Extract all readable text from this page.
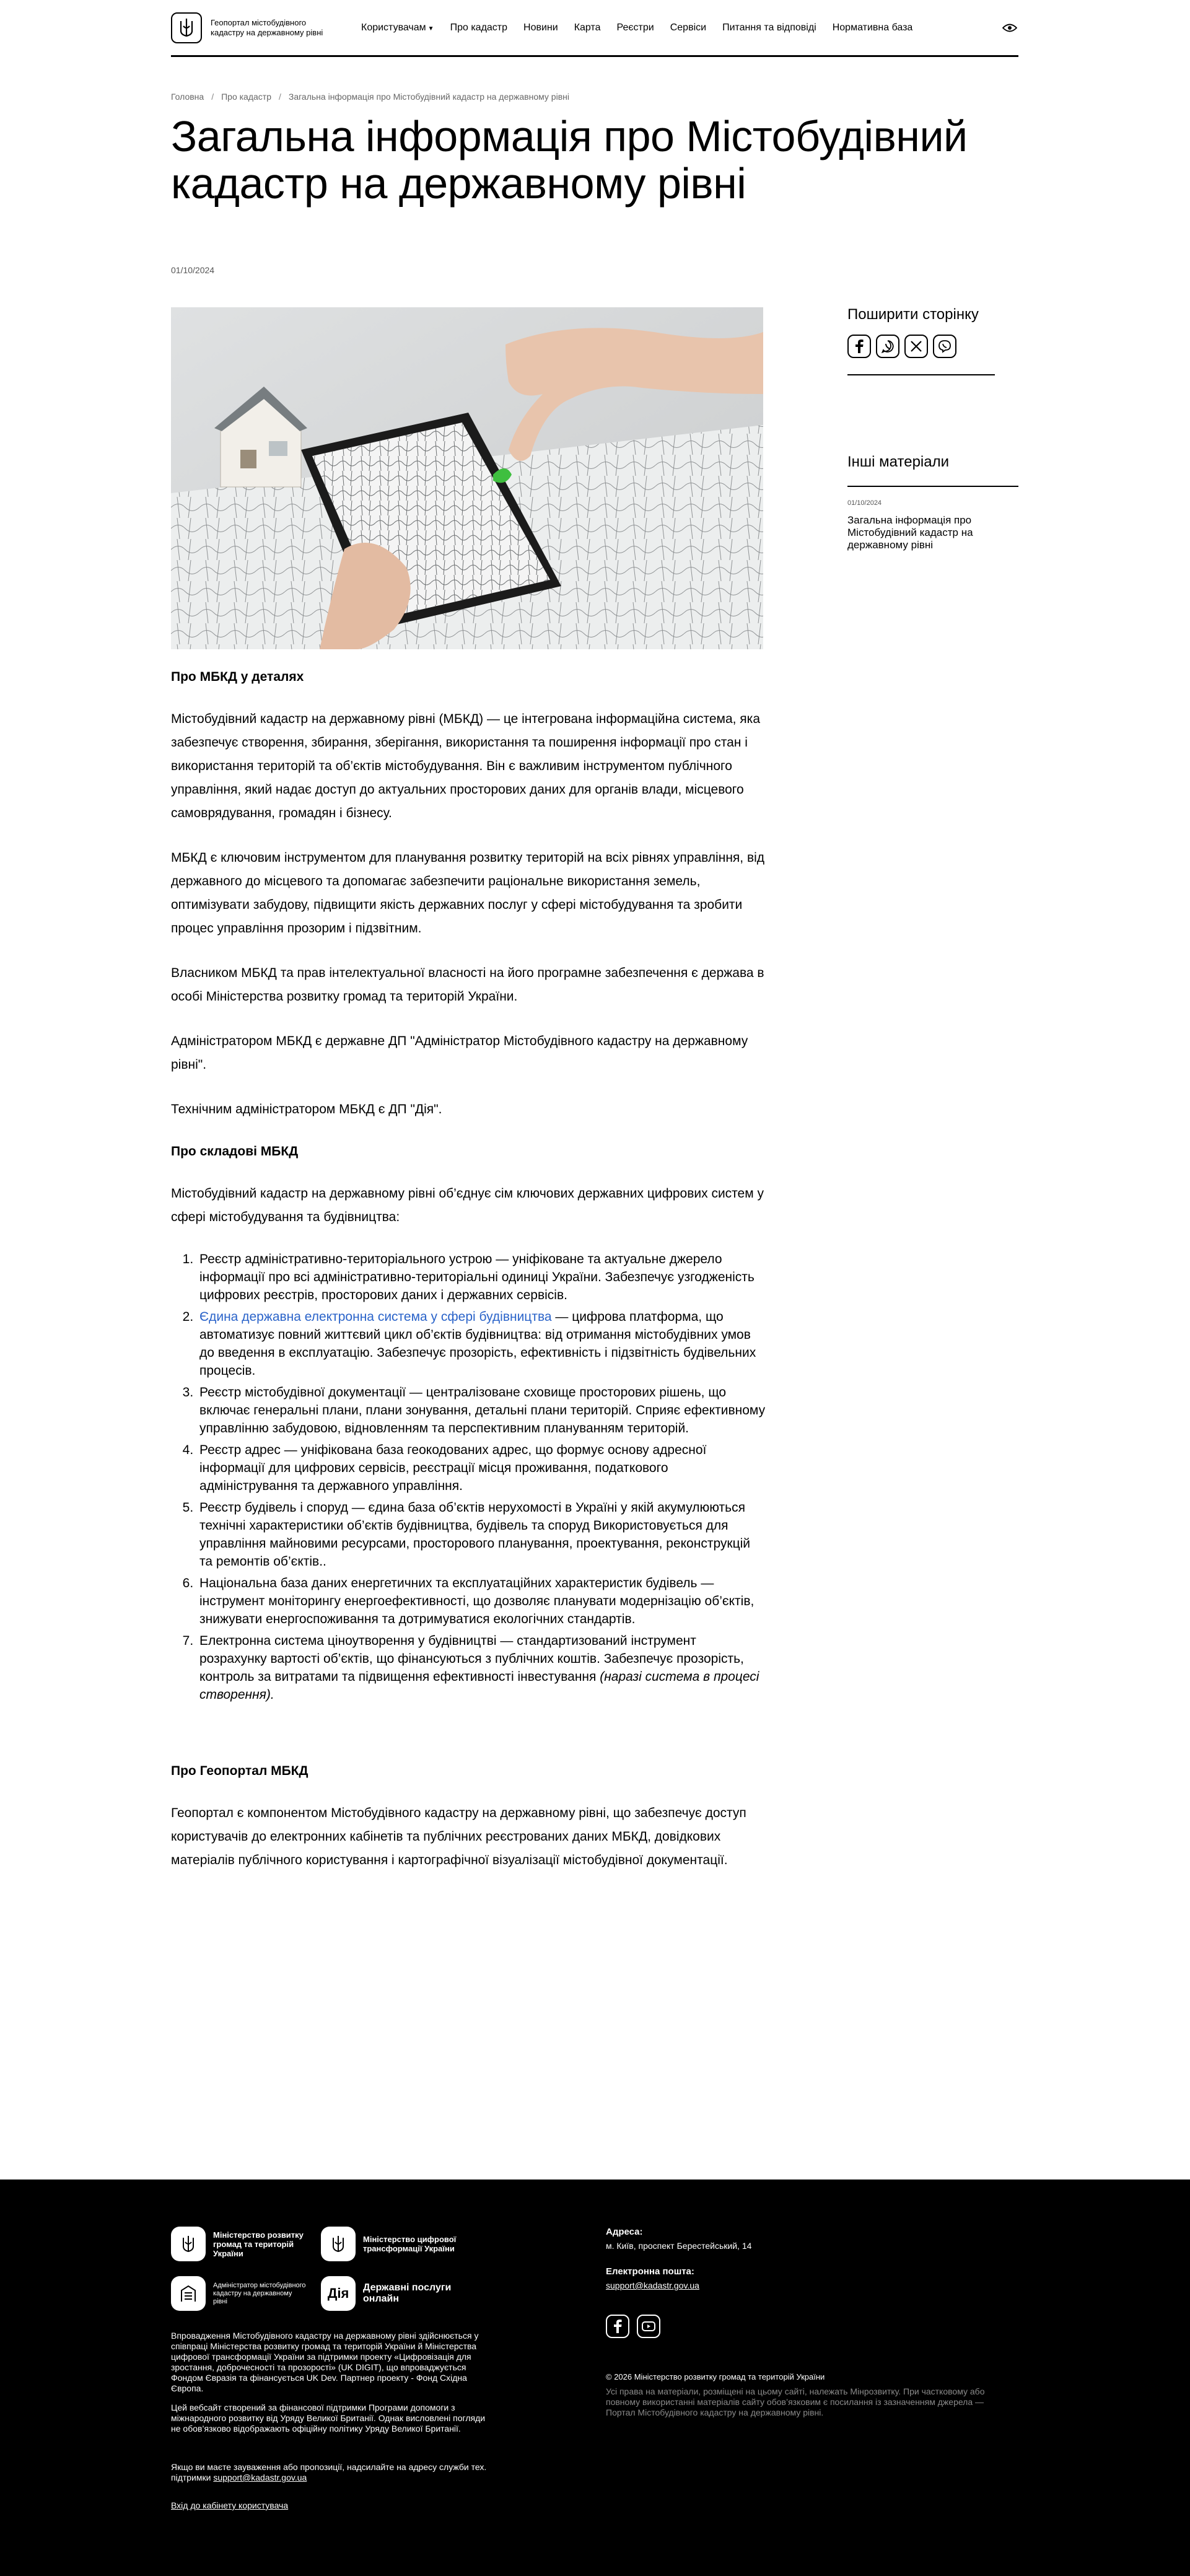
Геопортал містобудівного кадастру на державному рівні	Користувачам ▼	Про кадастр	Новини	Карта	Реєстри	Сервіси	Питання та відповіді	Нормативна база
Головна / Про кадастр / Загальна інформація про Містобудівний кадастр на державному рівні
Загальна інформація про Містобудівний кадастр на державному рівні
01/10/2024
Поширити сторінку
Інші матеріали
01/10/2024
Загальна інформація про Містобудівний кадастр на державному рівні
Про МБКД у деталях

Містобудівний кадастр на державному рівні (МБКД) — це інтегрована інформаційна система, яка забезпечує створення, збирання, зберігання, використання та поширення інформації про стан і використання територій та об’єктів містобудування. Він є важливим інструментом публічного управління, який надає доступ до актуальних просторових даних для органів влади, місцевого самоврядування, громадян і бізнесу.

МБКД є ключовим інструментом для планування розвитку територій на всіх рівнях управління, від державного до місцевого та допомагає забезпечити раціональне використання земель, оптимізувати забудову, підвищити якість державних послуг у сфері містобудування та зробити процес управління прозорим і підзвітним.

Власником МБКД та прав інтелектуальної власності на його програмне забезпечення є держава в особі Міністерства розвитку громад та територій України.

Адміністратором МБКД є державне ДП "Адміністратор Містобудівного кадастру на державному рівні".

Технічним адміністратором МБКД є ДП "Дія".

Про складові МБКД

Містобудівний кадастр на державному рівні об’єднує сім ключових державних цифрових систем у сфері містобудування та будівництва:

1. Реєстр адміністративно-територіального устрою — уніфіковане та актуальне джерело інформації про всі адміністративно-територіальні одиниці України. Забезпечує узгодженість цифрових реєстрів, просторових даних і державних сервісів.
2. Єдина державна електронна система у сфері будівництва — цифрова платформа, що автоматизує повний життєвий цикл об’єктів будівництва: від отримання містобудівних умов до введення в експлуатацію. Забезпечує прозорість, ефективність і підзвітність будівельних процесів.
3. Реєстр містобудівної документації — централізоване сховище просторових рішень, що включає генеральні плани, плани зонування, детальні плани територій. Сприяє ефективному управлінню забудовою, відновленням та перспективним плануванням територій.
4. Реєстр адрес — уніфікована база геокодованих адрес, що формує основу адресної інформації для цифрових сервісів, реєстрації місця проживання, податкового адміністрування та державного управління.
5. Реєстр будівель і споруд — єдина база об’єктів нерухомості в Україні у якій акумулюються технічні характеристики об’єктів будівництва, будівель та споруд Використовується для управління майновими ресурсами, просторового планування, проектування, реконструкцій та ремонтів об’єктів..
6. Національна база даних енергетичних та експлуатаційних характеристик будівель — інструмент моніторингу енергоефективності, що дозволяє планувати модернізацію об’єктів, знижувати енергоспоживання та дотримуватися екологічних стандартів.
7. Електронна система ціноутворення у будівництві — стандартизований інструмент розрахунку вартості об’єктів, що фінансуються з публічних коштів. Забезпечує прозорість, контроль за витратами та підвищення ефективності інвестування (наразі система в процесі створення).
Про Геопортал МБКД

Геопортал є компонентом Містобудівного кадастру на державному рівні, що забезпечує доступ користувачів до електронних кабінетів та публічних реєстрованих даних МБКД, довідкових матеріалів публічного користування і картографічної візуалізації містобудівної документації.

Міністерство розвитку громад та територій України
Міністерство цифрової трансформації України
Адміністратор містобудівного кадастру на державному рівні
Дія	Державні послуги онлайн
Впровадження Містобудівного кадастру на державному рівні здійснюється у співпраці Міністерства розвитку громад та територій України й Міністерства цифрової трансформації України за підтримки проекту «Цифровізація для зростання, доброчесності та прозорості» (UK DIGIT), що впроваджується Фондом Євразія та фінансується UK Dev. Партнер проекту - Фонд Східна Європа.
Цей вебсайт створений за фінансової підтримки Програми допомоги з міжнародного розвитку від Уряду Великої Британії. Однак висловлені погляди не обов’язково відображають офіційну політику Уряду Великої Британії.
Якщо ви маєте зауваження або пропозиції, надсилайте на адресу служби тех. підтримки support@kadastr.gov.ua
Вхід до кабінету користувача
Адреса:
м. Київ, проспект Берестейський, 14
Електронна пошта:
support@kadastr.gov.ua
© 2026 Міністерство розвитку громад та територій України
Усі права на матеріали, розміщені на цьому сайті, належать Мінрозвитку. При частковому або повному використанні матеріалів сайту обов’язковим є посилання із зазначенням джерела — Портал Містобудівного кадастру на державному рівні.
